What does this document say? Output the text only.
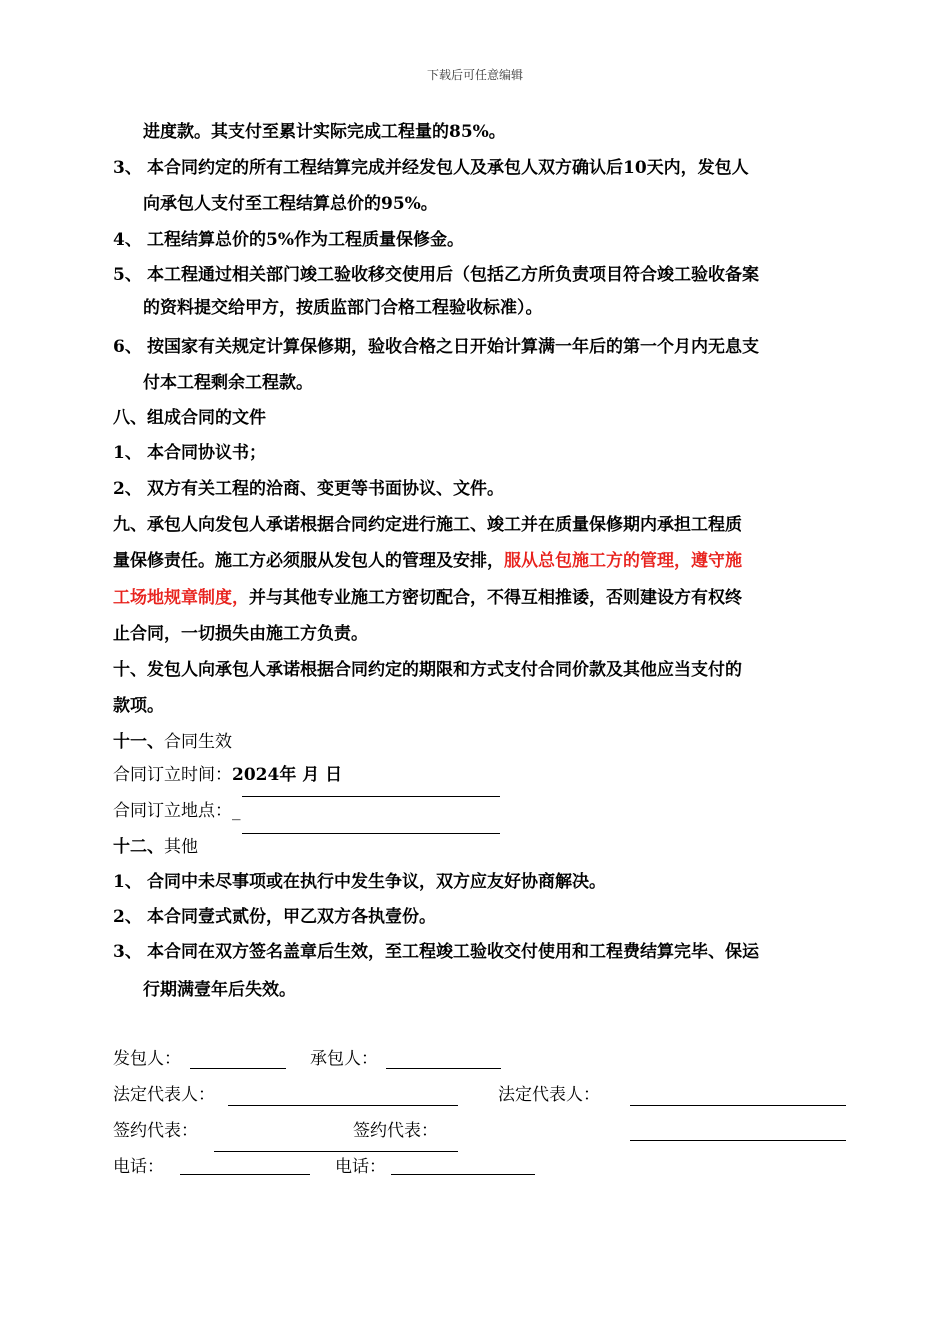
下载后可任意编辑
进度款。其支付至累计实际完成工程量的85%。
3、 本合同约定的所有工程结算完成并经发包人及承包人双方确认后10天内，发包人
向承包人支付至工程结算总价的95%。
4、 工程结算总价的5%作为工程质量保修金。
5、 本工程通过相关部门竣工验收移交使用后（包括乙方所负责项目符合竣工验收备案
的资料提交给甲方，按质监部门合格工程验收标准）。
6、 按国家有关规定计算保修期，验收合格之日开始计算满一年后的第一个月内无息支
付本工程剩余工程款。
八、组成合同的文件
1、 本合同协议书；
2、 双方有关工程的洽商、变更等书面协议、文件。
九、承包人向发包人承诺根据合同约定进行施工、竣工并在质量保修期内承担工程质
量保修责任。施工方必须服从发包人的管理及安排，服从总包施工方的管理，遵守施
工场地规章制度，并与其他专业施工方密切配合，不得互相推诿，否则建设方有权终
止合同，一切损失由施工方负责。
十、发包人向承包人承诺根据合同约定的期限和方式支付合同价款及其他应当支付的
款项。
十一、合同生效
合同订立时间：2024年 月 日
合同订立地点：_
十二、其他
1、 合同中未尽事项或在执行中发生争议，双方应友好协商解决。
2、 本合同壹式贰份，甲乙双方各执壹份。
3、 本合同在双方签名盖章后生效，至工程竣工验收交付使用和工程费结算完毕、保运
行期满壹年后失效。
发包人：	承包人：
法定代表人：	法定代表人：
签约代表：	签约代表：
电话：	电话：
